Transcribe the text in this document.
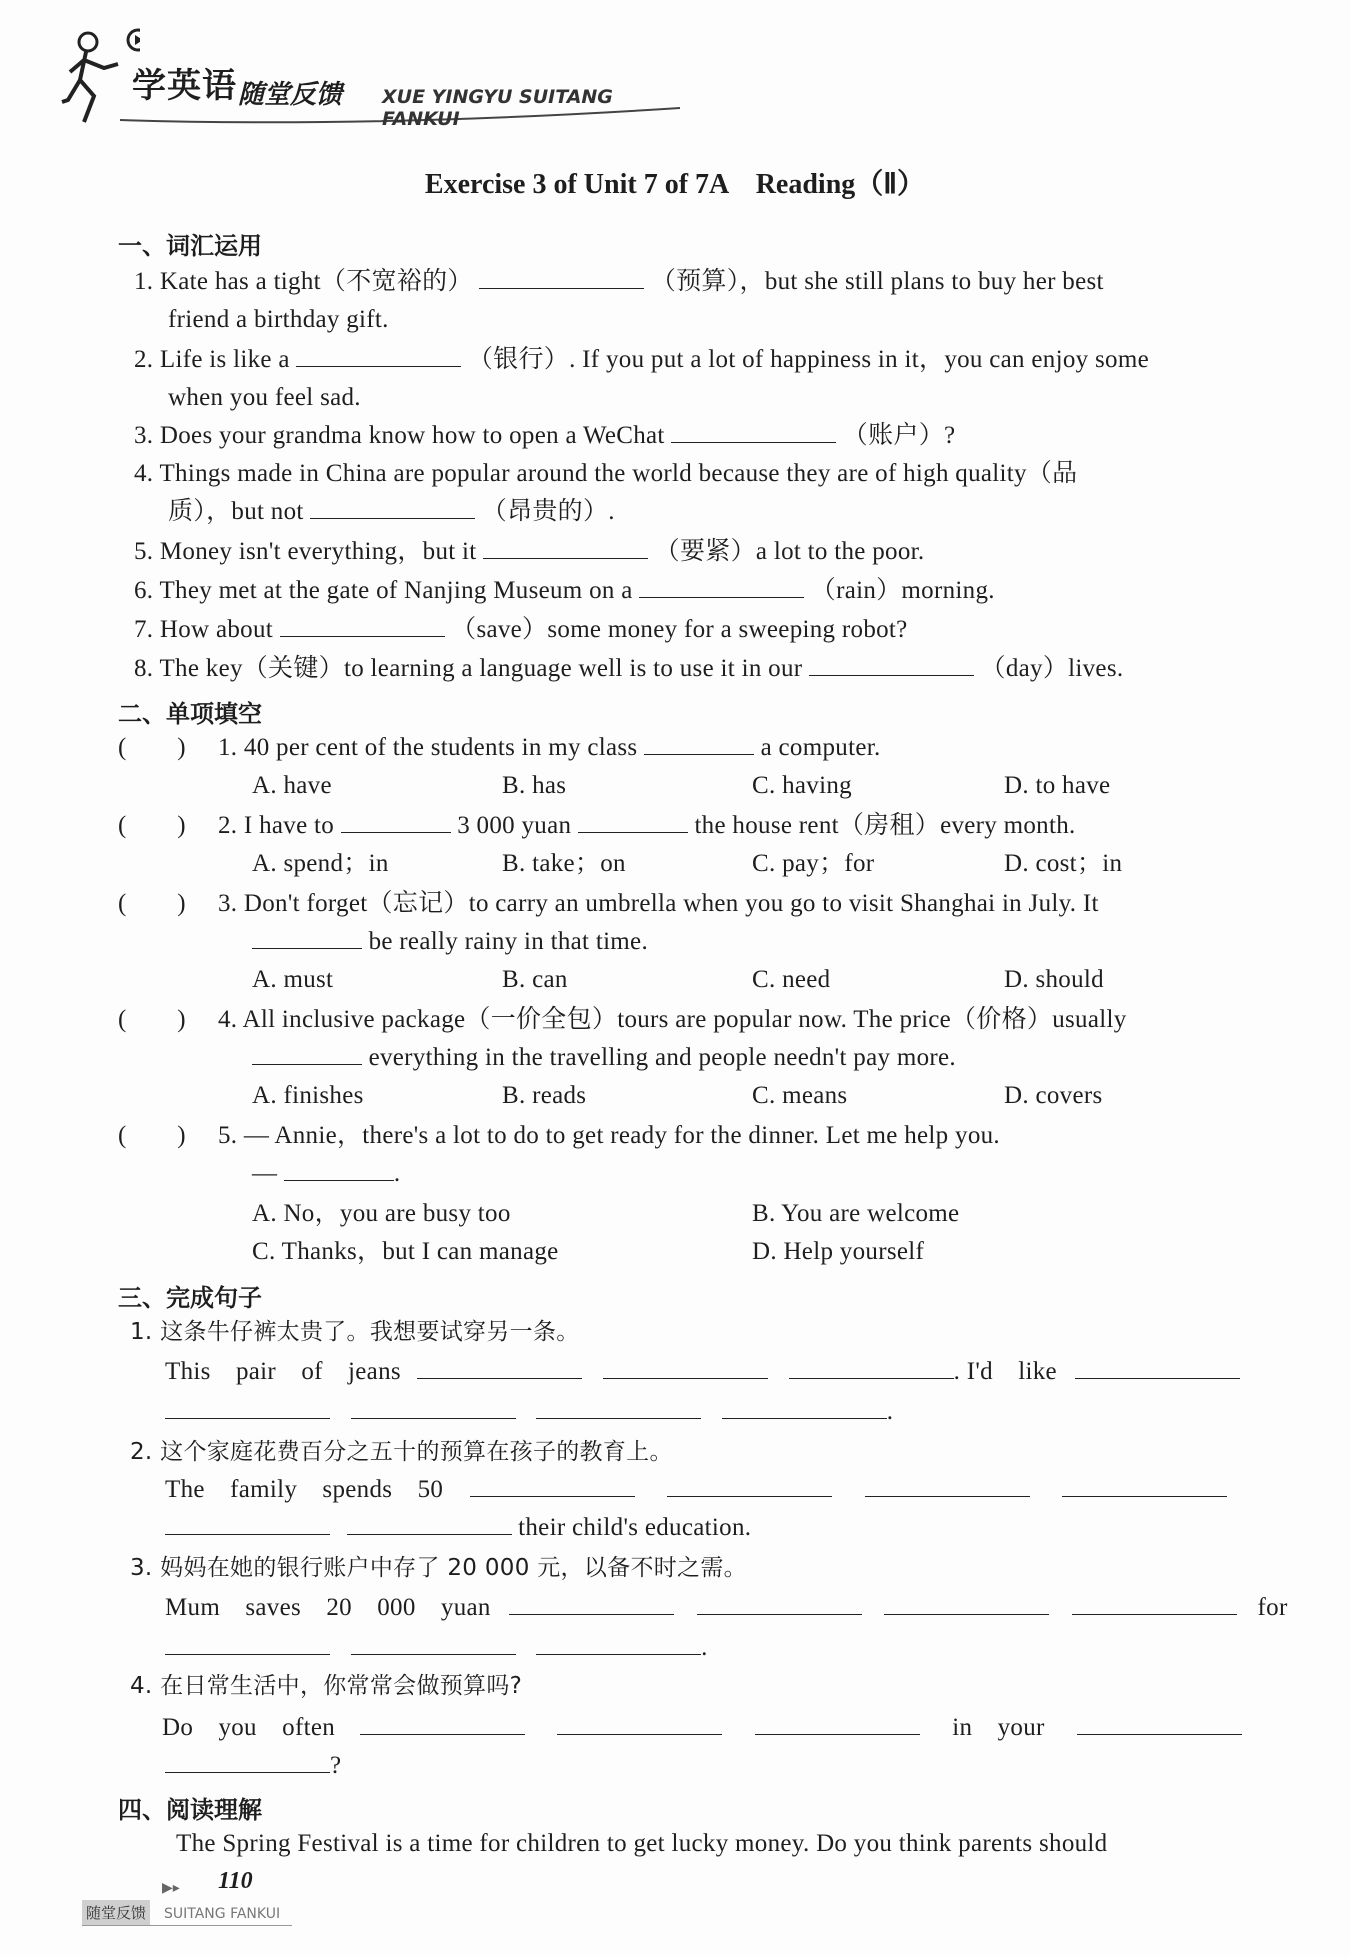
学英语 随堂反馈 XUE YINGYU SUITANG FANKUI
Exercise 3 of Unit 7 of 7A　Reading（Ⅱ）
一、词汇运用
1. Kate has a tight（不宽裕的）	（预算），but she still plans to buy her best
friend a birthday gift.
2. Life is like a	（银行）. If you put a lot of happiness in it，you can enjoy some
when you feel sad.
3. Does your grandma know how to open a WeChat	（账户）?
4. Things made in China are popular around the world because they are of high quality（品
质），but not	（昂贵的）.
5. Money isn't everything，but it	（要紧）a lot to the poor.
6. They met at the gate of Nanjing Museum on a	（rain）morning.
7. How about	（save）some money for a sweeping robot?
8. The key（关键）to learning a language well is to use it in our	（day）lives.
二、单项填空
(　　) 1. 40 per cent of the students in my class	a computer.
A. have	B. has	C. having	D. to have
(　　) 2. I have to	3 000 yuan	the house rent（房租）every month.
A. spend；in	B. take；on	C. pay；for	D. cost；in
(　　) 3. Don't forget（忘记）to carry an umbrella when you go to visit Shanghai in July. It
be really rainy in that time.
A. must	B. can	C. need	D. should
(　　) 4. All inclusive package（一价全包）tours are popular now. The price（价格）usually
everything in the travelling and people needn't pay more.
A. finishes	B. reads	C. means	D. covers
(　　) 5. — Annie，there's a lot to do to get ready for the dinner. Let me help you.
—	.
A. No，you are busy too	B. You are welcome
C. Thanks，but I can manage	D. Help yourself
三、完成句子
1. 这条牛仔裤太贵了。我想要试穿另一条。
This　pair　of　jeans	. I'd　like
.
2. 这个家庭花费百分之五十的预算在孩子的教育上。
The　family　spends　50
their child's education.
3. 妈妈在她的银行账户中存了 20 000 元，以备不时之需。
Mum　saves　20　000　yuan	for
.
4. 在日常生活中，你常常会做预算吗?
Do　you　often	in　your
?
四、阅读理解
The Spring Festival is a time for children to get lucky money. Do you think parents should
▶▸ 110
随堂反馈 SUITANG FANKUI
